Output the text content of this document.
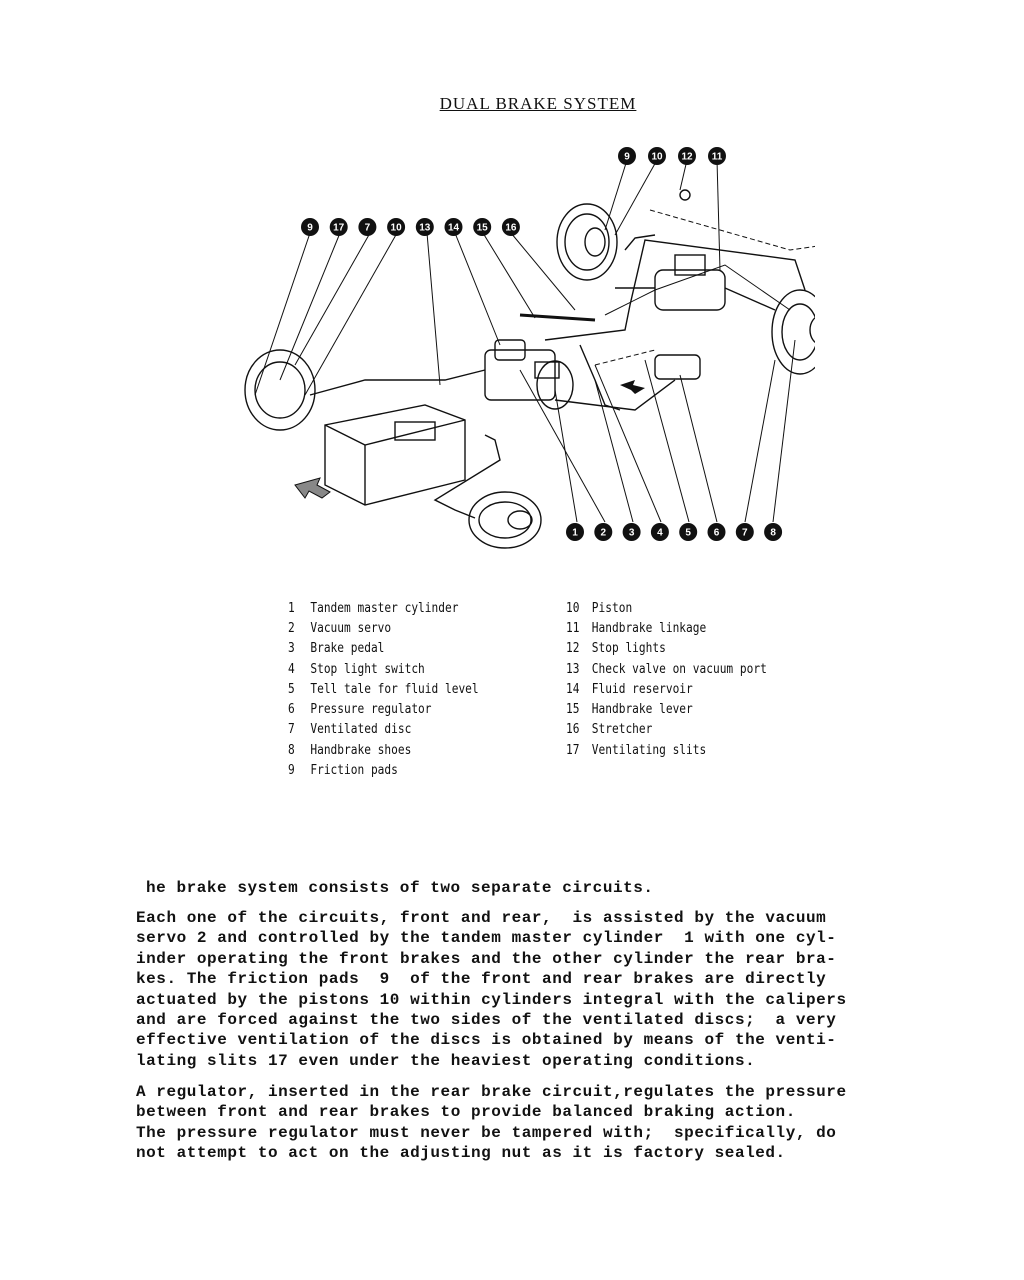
DUAL BRAKE SYSTEM
9 10 12 11
9 17 7 10 13 14 15 16
1 2 3 4 5 6 7 8
1	Tandem master cylinder
2	Vacuum servo
3	Brake pedal
4	Stop light switch
5	Tell tale for fluid level
6	Pressure regulator
7	Ventilated disc
8	Handbrake shoes
9	Friction pads
10 Piston
11 Handbrake linkage
12 Stop lights
13 Check valve on vacuum port
14 Fluid reservoir
15 Handbrake lever
16 Stretcher
17 Ventilating slits
he brake system consists of two separate circuits.
Each one of the circuits, front and rear,  is assisted by the vacuum
servo 2 and controlled by the tandem master cylinder  1 with one cyl-
inder operating the front brakes and the other cylinder the rear bra-
kes. The friction pads  9  of the front and rear brakes are directly
actuated by the pistons 10 within cylinders integral with the calipers
and are forced against the two sides of the ventilated discs;  a very
effective ventilation of the discs is obtained by means of the venti-
lating slits 17 even under the heaviest operating conditions.
A regulator, inserted in the rear brake circuit,regulates the pressure
between front and rear brakes to provide balanced braking action.
The pressure regulator must never be tampered with;  specifically, do
not attempt to act on the adjusting nut as it is factory sealed.
